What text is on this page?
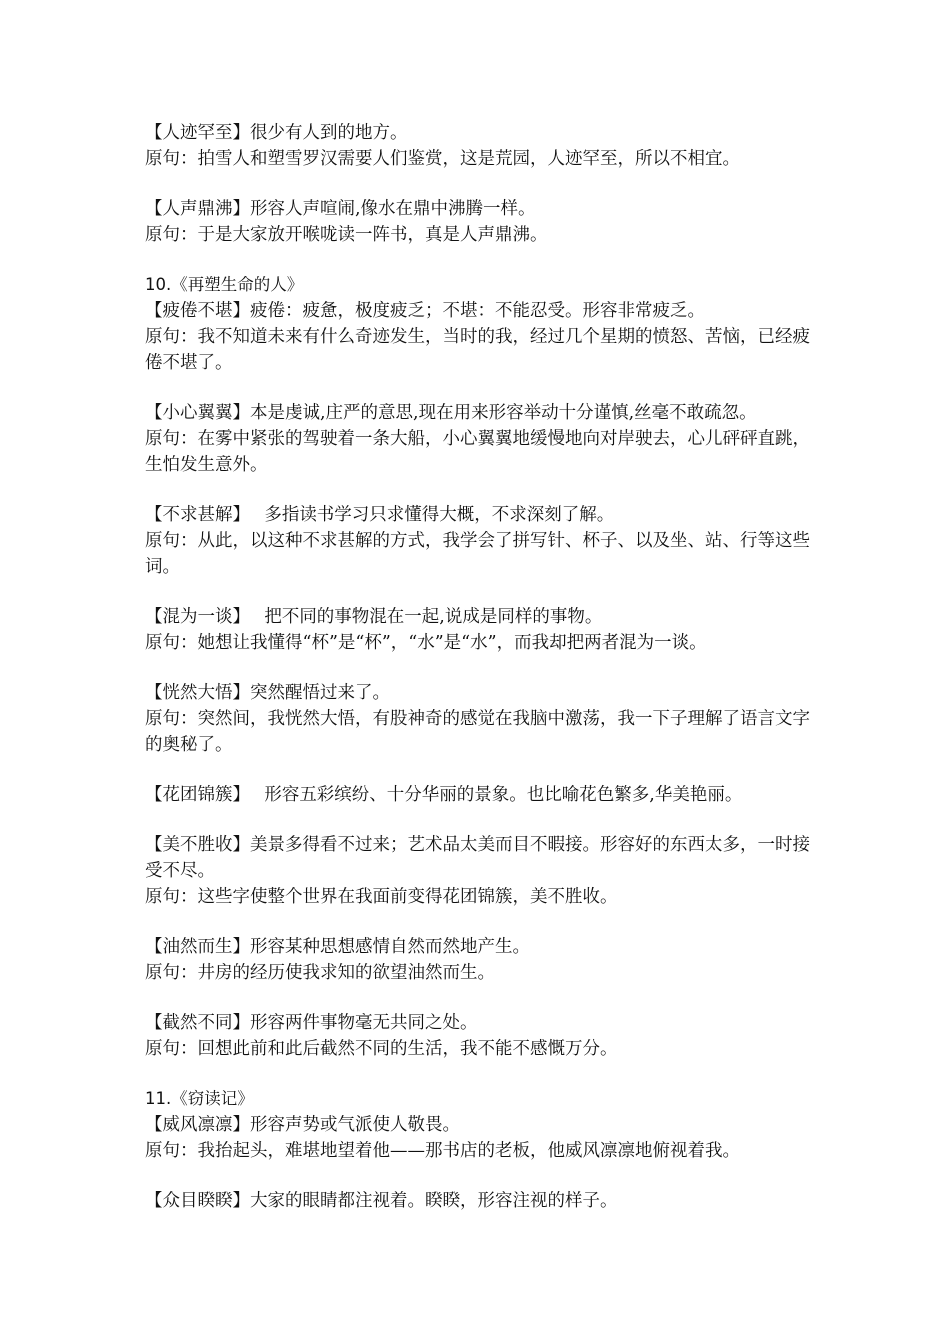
【人迹罕至】很少有人到的地方。

原句：拍雪人和塑雪罗汉需要人们鉴赏，这是荒园，人迹罕至，所以不相宜。

【人声鼎沸】形容人声喧闹,像水在鼎中沸腾一样。

原句：于是大家放开喉咙读一阵书，真是人声鼎沸。

10.《再塑生命的人》

【疲倦不堪】疲倦：疲惫，极度疲乏；不堪：不能忍受。形容非常疲乏。

原句：我不知道未来有什么奇迹发生，当时的我，经过几个星期的愤怒、苦恼，已经疲倦不堪了。

【小心翼翼】本是虔诚,庄严的意思,现在用来形容举动十分谨慎,丝毫不敢疏忽。

原句：在雾中紧张的驾驶着一条大船，小心翼翼地缓慢地向对岸驶去，心儿砰砰直跳，生怕发生意外。

【不求甚解】　 多指读书学习只求懂得大概，不求深刻了解。

原句：从此，以这种不求甚解的方式，我学会了拼写针、杯子、以及坐、站、行等这些词。

【混为一谈】　 把不同的事物混在一起,说成是同样的事物。

原句：她想让我懂得“杯”是“杯”，“水”是“水”，而我却把两者混为一谈。

【恍然大悟】突然醒悟过来了。

原句：突然间，我恍然大悟，有股神奇的感觉在我脑中激荡，我一下子理解了语言文字的奥秘了。

【花团锦簇】　 形容五彩缤纷、十分华丽的景象。也比喻花色繁多,华美艳丽。

【美不胜收】美景多得看不过来；艺术品太美而目不暇接。形容好的东西太多，一时接受不尽。

原句：这些字使整个世界在我面前变得花团锦簇，美不胜收。

【油然而生】形容某种思想感情自然而然地产生。

原句：井房的经历使我求知的欲望油然而生。

【截然不同】形容两件事物毫无共同之处。

原句：回想此前和此后截然不同的生活，我不能不感慨万分。

11.《窃读记》

【威风凛凛】形容声势或气派使人敬畏。

原句：我抬起头，难堪地望着他——那书店的老板，他威风凛凛地俯视着我。

【众目睽睽】大家的眼睛都注视着。睽睽，形容注视的样子。
